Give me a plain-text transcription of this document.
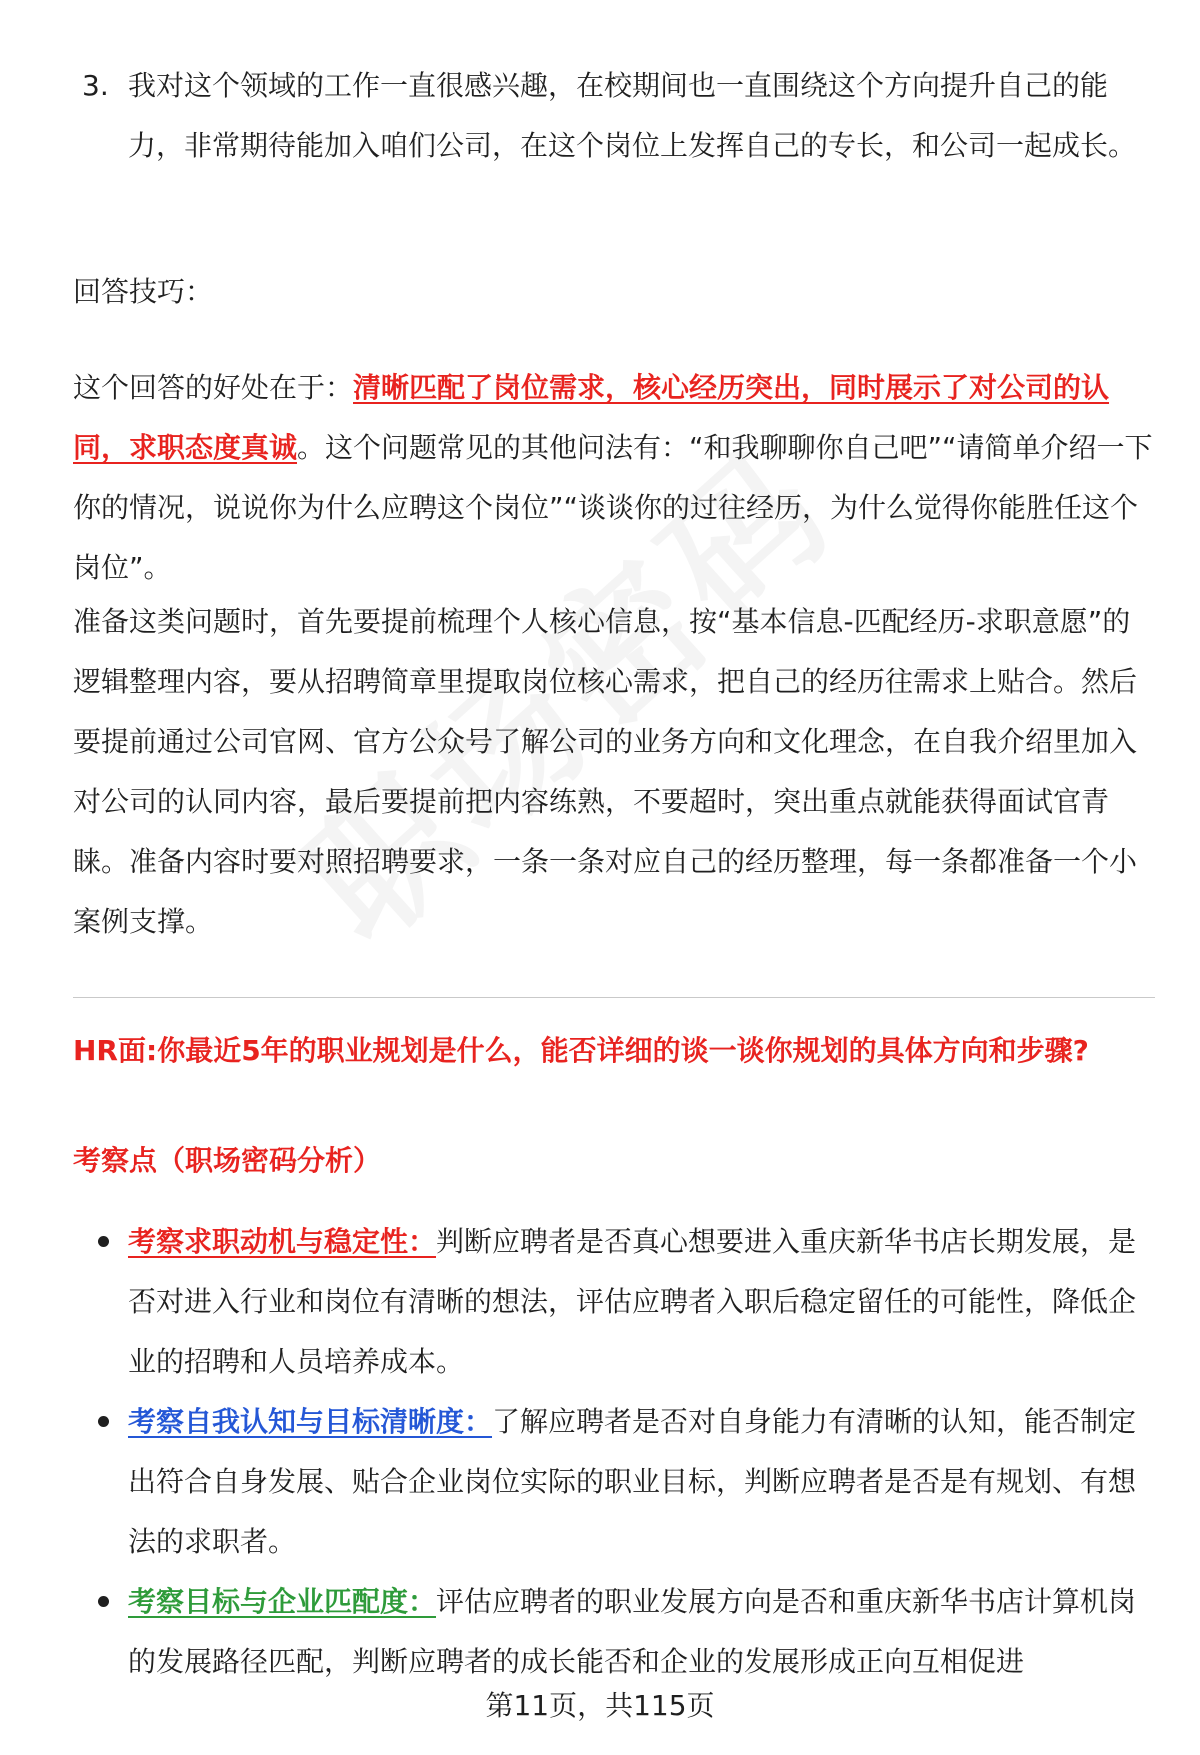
3. 我对这个领域的工作一直很感兴趣，在校期间也一直围绕这个方向提升自己的能力，非常期待能加入咱们公司，在这个岗位上发挥自己的专长，和公司一起成长。
回答技巧：
这个回答的好处在于：清晰匹配了岗位需求，核心经历突出，同时展示了对公司的认同，求职态度真诚。这个问题常见的其他问法有：“和我聊聊你自己吧”“请简单介绍一下你的情况，说说你为什么应聘这个岗位”“谈谈你的过往经历，为什么觉得你能胜任这个岗位”。
准备这类问题时，首先要提前梳理个人核心信息，按“基本信息-匹配经历-求职意愿”的逻辑整理内容，要从招聘简章里提取岗位核心需求，把自己的经历往需求上贴合。然后要提前通过公司官网、官方公众号了解公司的业务方向和文化理念，在自我介绍里加入对公司的认同内容，最后要提前把内容练熟，不要超时，突出重点就能获得面试官青睐。准备内容时要对照招聘要求，一条一条对应自己的经历整理，每一条都准备一个小案例支撑。
HR面:你最近5年的职业规划是什么，能否详细的谈一谈你规划的具体方向和步骤?
考察点（职场密码分析）
考察求职动机与稳定性：判断应聘者是否真心想要进入重庆新华书店长期发展，是否对进入行业和岗位有清晰的想法，评估应聘者入职后稳定留任的可能性，降低企业的招聘和人员培养成本。
考察自我认知与目标清晰度：了解应聘者是否对自身能力有清晰的认知，能否制定出符合自身发展、贴合企业岗位实际的职业目标，判断应聘者是否是有规划、有想法的求职者。
考察目标与企业匹配度：评估应聘者的职业发展方向是否和重庆新华书店计算机岗的发展路径匹配，判断应聘者的成长能否和企业的发展形成正向互相促进
第11页，共115页
